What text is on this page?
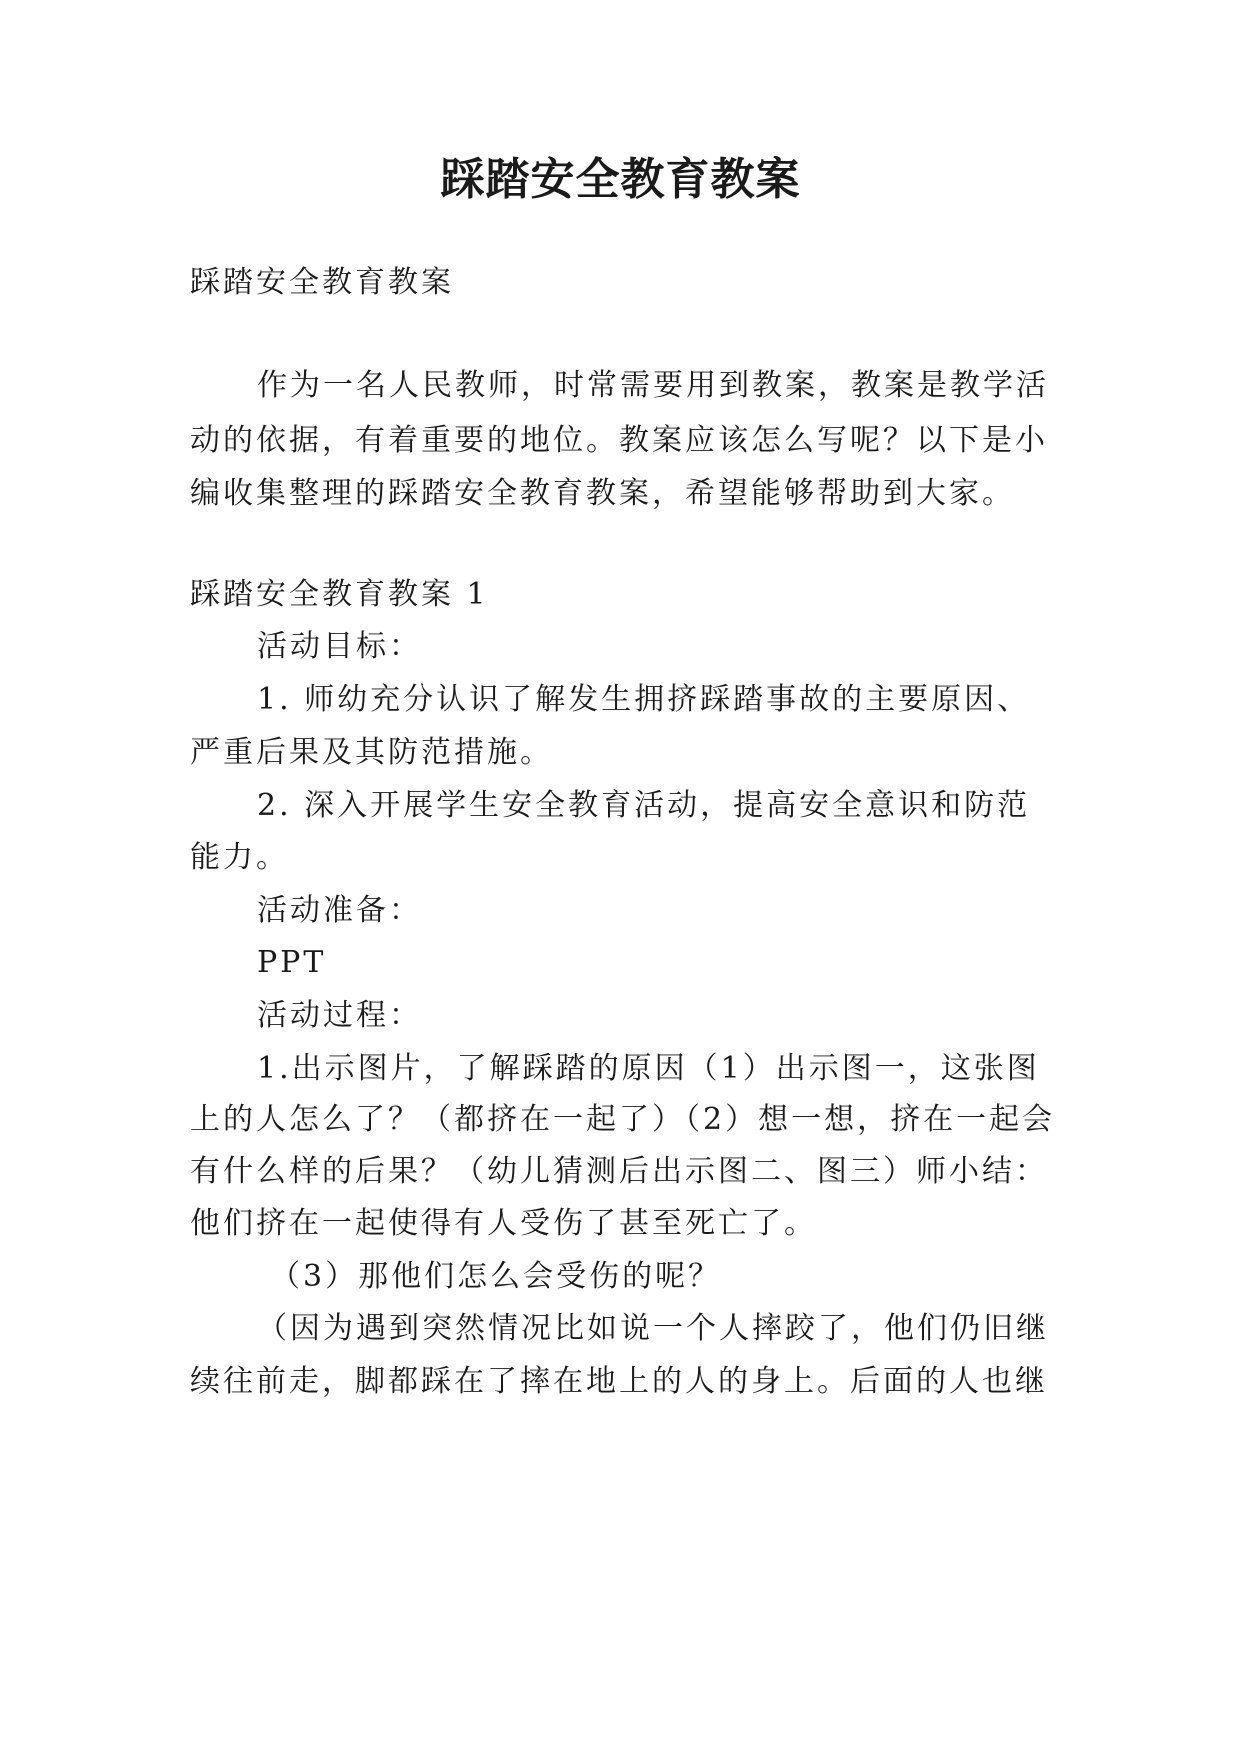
踩踏安全教育教案
踩踏安全教育教案
作为一名人民教师，时常需要用到教案，教案是教学活
动的依据，有着重要的地位。教案应该怎么写呢？以下是小
编收集整理的踩踏安全教育教案，希望能够帮助到大家。
踩踏安全教育教案 1
活动目标：
1. 师幼充分认识了解发生拥挤踩踏事故的主要原因、
严重后果及其防范措施。
2. 深入开展学生安全教育活动，提高安全意识和防范
能力。
活动准备：
PPT
活动过程：
1.出示图片，了解踩踏的原因（1）出示图一，这张图
上的人怎么了？（都挤在一起了）（2）想一想，挤在一起会
有什么样的后果？（幼儿猜测后出示图二、图三）师小结：
他们挤在一起使得有人受伤了甚至死亡了。
（3）那他们怎么会受伤的呢？
（因为遇到突然情况比如说一个人摔跤了，他们仍旧继
续往前走，脚都踩在了摔在地上的人的身上。后面的人也继
